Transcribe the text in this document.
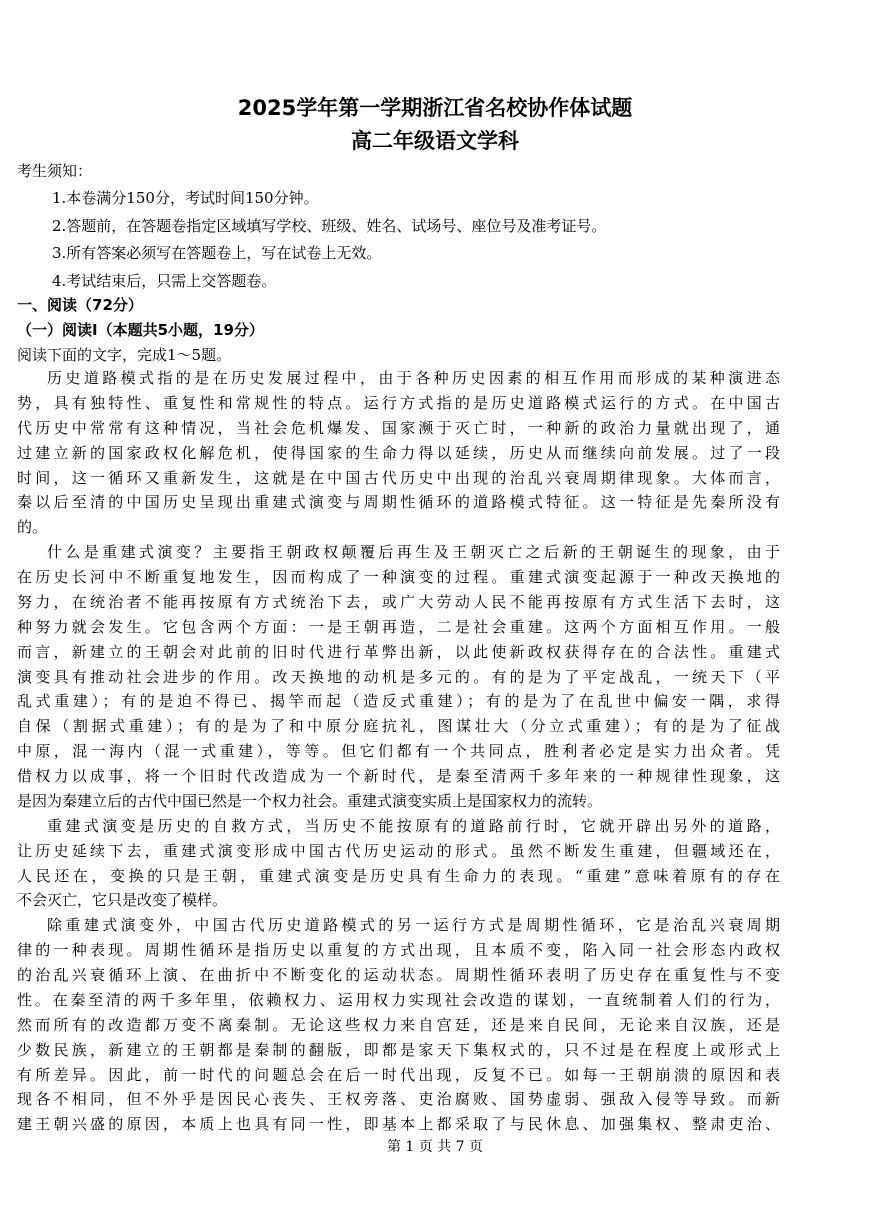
2025学年第一学期浙江省名校协作体试题
高二年级语文学科
考生须知：
1.本卷满分150分，考试时间150分钟。
2.答题前，在答题卷指定区域填写学校、班级、姓名、试场号、座位号及准考证号。
3.所有答案必须写在答题卷上，写在试卷上无效。
4.考试结束后，只需上交答题卷。
一、阅读（72分）
（一）阅读Ⅰ（本题共5小题，19分）
阅读下面的文字，完成1～5题。
历史道路模式指的是在历史发展过程中，由于各种历史因素的相互作用而形成的某种演进态
势，具有独特性、重复性和常规性的特点。运行方式指的是历史道路模式运行的方式。在中国古
代历史中常常有这种情况，当社会危机爆发、国家濒于灭亡时，一种新的政治力量就出现了，通
过建立新的国家政权化解危机，使得国家的生命力得以延续，历史从而继续向前发展。过了一段
时间，这一循环又重新发生，这就是在中国古代历史中出现的治乱兴衰周期律现象。大体而言，
秦以后至清的中国历史呈现出重建式演变与周期性循环的道路模式特征。这一特征是先秦所没有
的。
什么是重建式演变？主要指王朝政权颠覆后再生及王朝灭亡之后新的王朝诞生的现象，由于
在历史长河中不断重复地发生，因而构成了一种演变的过程。重建式演变起源于一种改天换地的
努力，在统治者不能再按原有方式统治下去，或广大劳动人民不能再按原有方式生活下去时，这
种努力就会发生。它包含两个方面：一是王朝再造，二是社会重建。这两个方面相互作用。一般
而言，新建立的王朝会对此前的旧时代进行革弊出新，以此使新政权获得存在的合法性。重建式
演变具有推动社会进步的作用。改天换地的动机是多元的。有的是为了平定战乱，一统天下（平
乱式重建）；有的是迫不得已、揭竿而起（造反式重建）；有的是为了在乱世中偏安一隅，求得
自保（割据式重建）；有的是为了和中原分庭抗礼，图谋壮大（分立式重建）；有的是为了征战
中原，混一海内（混一式重建），等等。但它们都有一个共同点，胜利者必定是实力出众者。凭
借权力以成事，将一个旧时代改造成为一个新时代，是秦至清两千多年来的一种规律性现象，这
是因为秦建立后的古代中国已然是一个权力社会。重建式演变实质上是国家权力的流转。
重建式演变是历史的自救方式，当历史不能按原有的道路前行时，它就开辟出另外的道路，
让历史延续下去，重建式演变形成中国古代历史运动的形式。虽然不断发生重建，但疆域还在，
人民还在，变换的只是王朝，重建式演变是历史具有生命力的表现。“重建”意味着原有的存在
不会灭亡，它只是改变了模样。
除重建式演变外，中国古代历史道路模式的另一运行方式是周期性循环，它是治乱兴衰周期
律的一种表现。周期性循环是指历史以重复的方式出现，且本质不变，陷入同一社会形态内政权
的治乱兴衰循环上演、在曲折中不断变化的运动状态。周期性循环表明了历史存在重复性与不变
性。在秦至清的两千多年里，依赖权力、运用权力实现社会改造的谋划，一直统制着人们的行为，
然而所有的改造都万变不离秦制。无论这些权力来自宫廷，还是来自民间，无论来自汉族，还是
少数民族，新建立的王朝都是秦制的翻版，即都是家天下集权式的，只不过是在程度上或形式上
有所差异。因此，前一时代的问题总会在后一时代出现，反复不已。如每一王朝崩溃的原因和表
现各不相同，但不外乎是因民心丧失、王权旁落、吏治腐败、国势虚弱、强敌入侵等导致。而新
建王朝兴盛的原因，本质上也具有同一性，即基本上都采取了与民休息、加强集权、整肃吏治、
第 1 页 共 7 页
